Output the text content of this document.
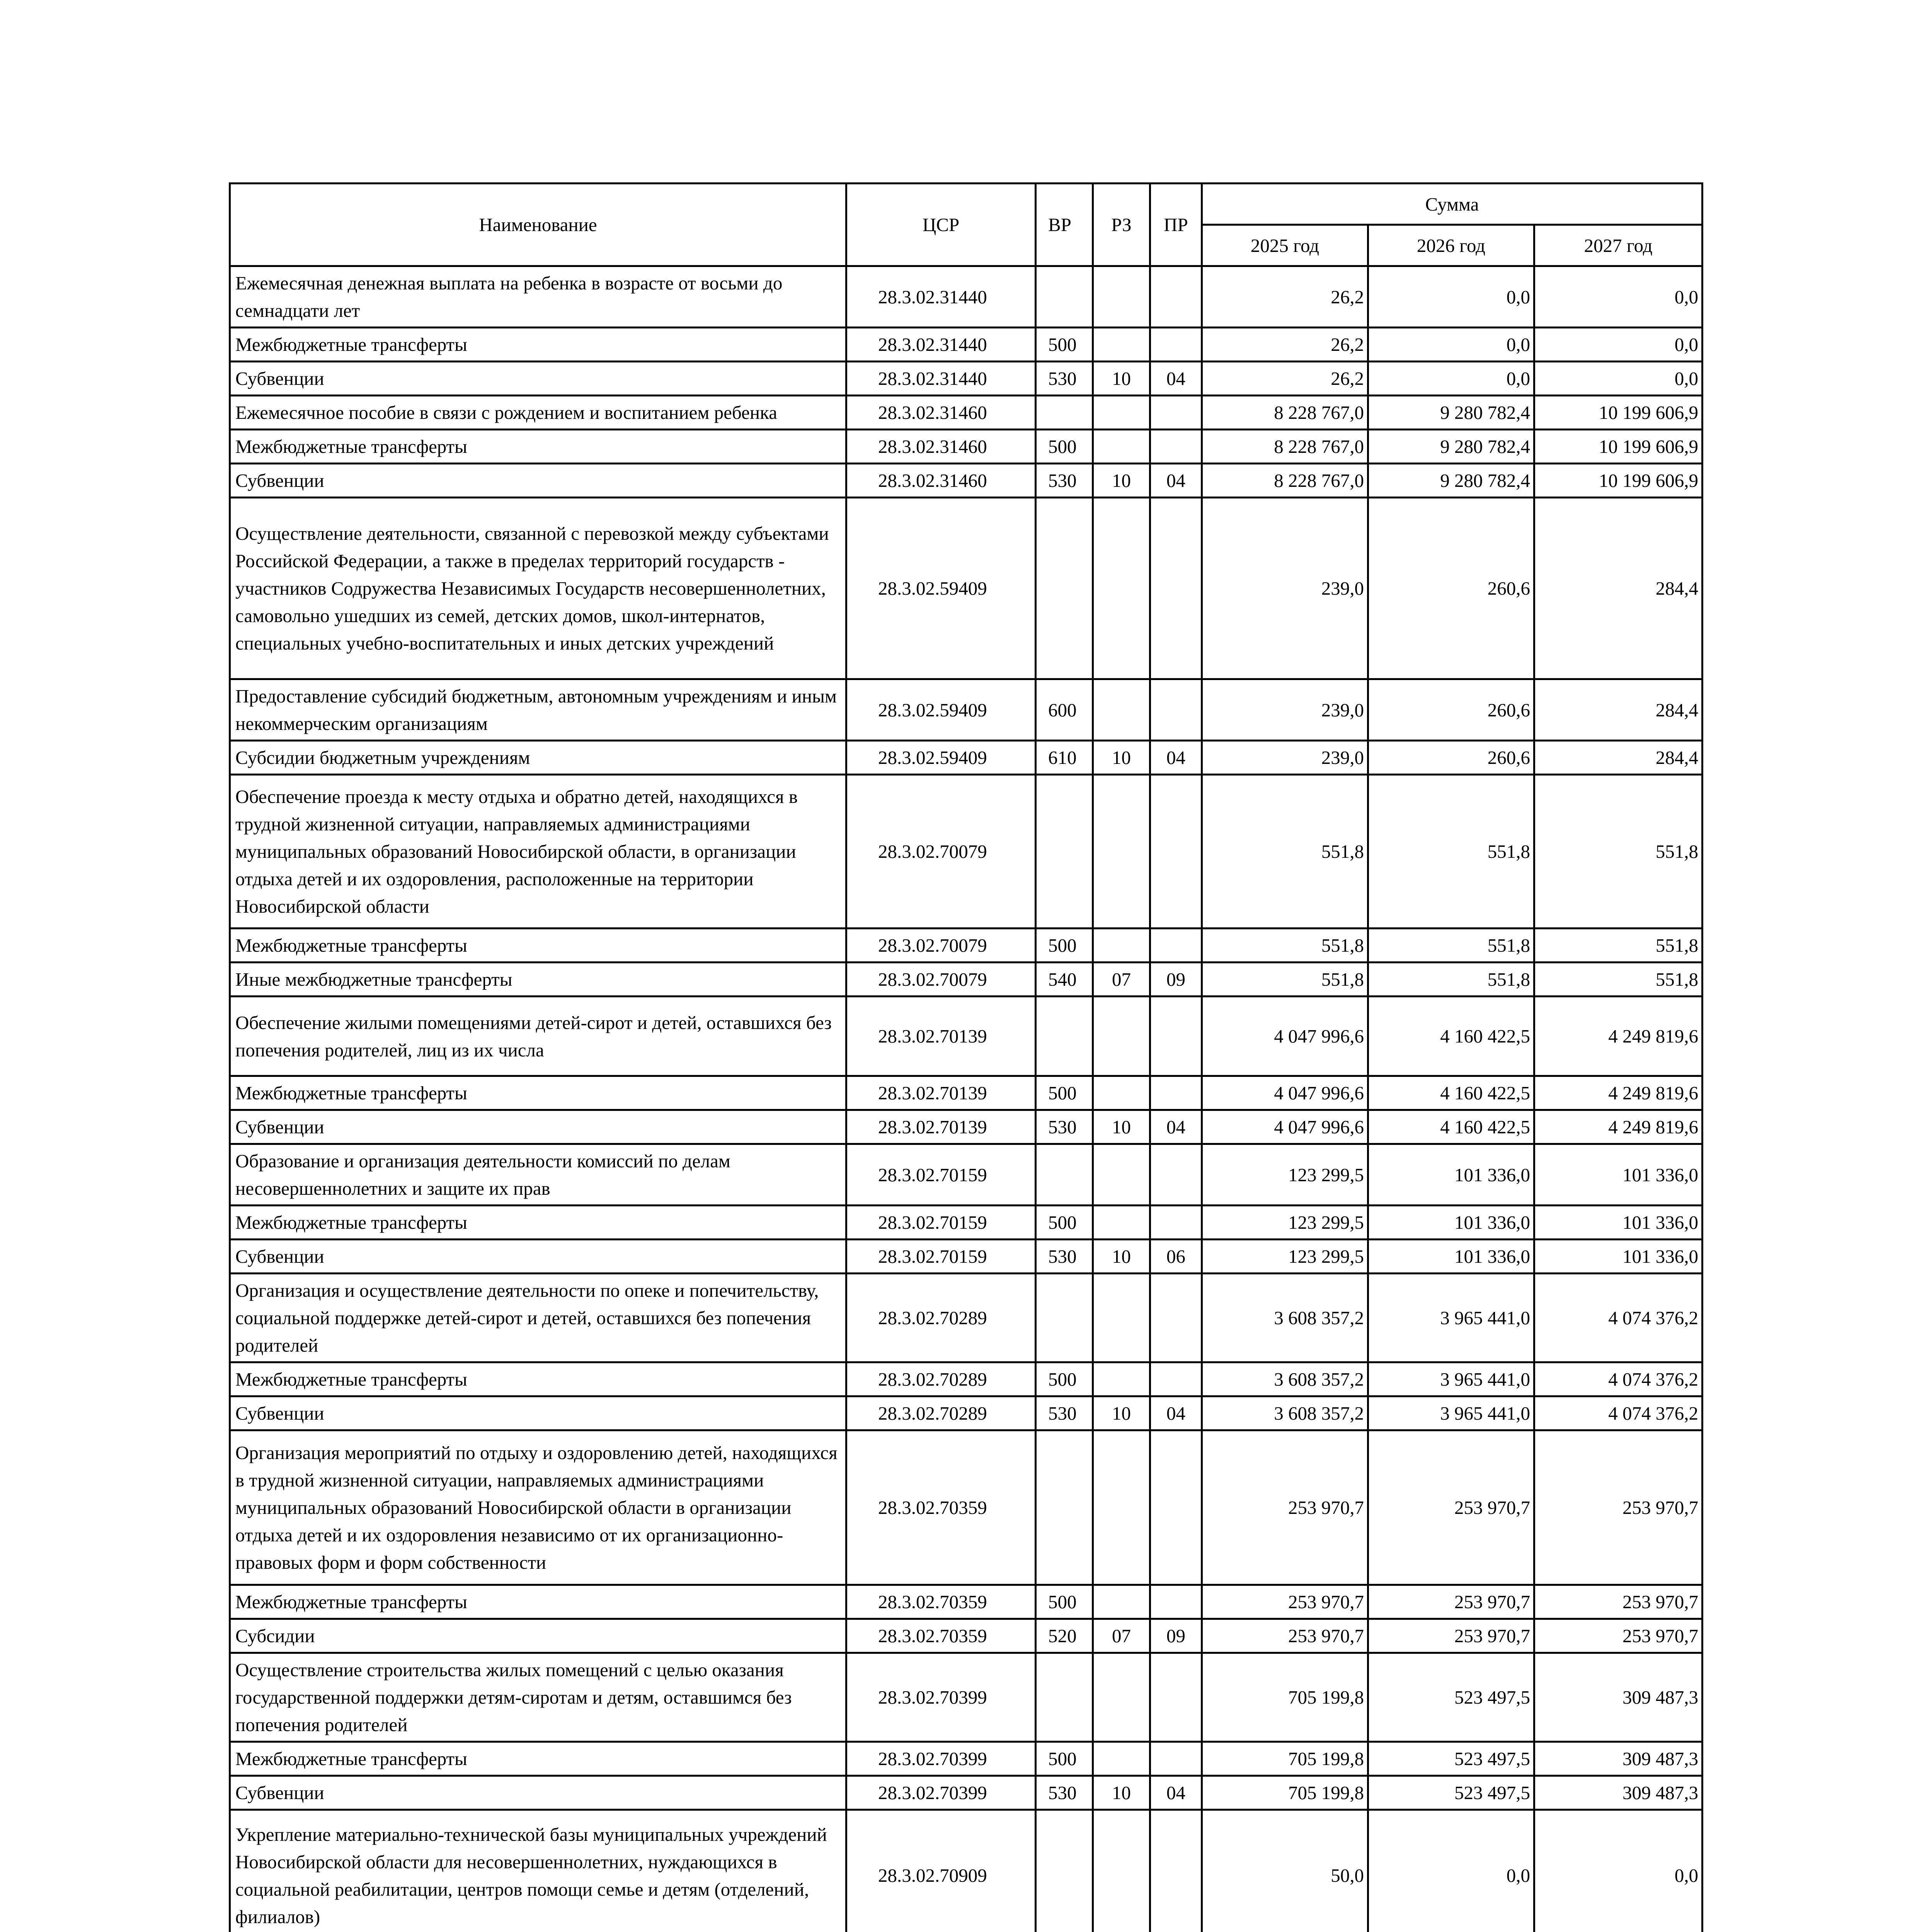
Наименование	ЦСР	ВР	РЗ	ПР	Сумма		
					2025 год	2026 год	2027 год
Ежемесячная денежная выплата на ребенка в возрасте от восьми до семнадцати лет	28.3.02.31440				26,2	0,0	0,0
Межбюджетные трансферты	28.3.02.31440	500			26,2	0,0	0,0
Субвенции	28.3.02.31440	530	10	04	26,2	0,0	0,0
Ежемесячное пособие в связи с рождением и воспитанием ребенка	28.3.02.31460				8 228 767,0	9 280 782,4	10 199 606,9
Межбюджетные трансферты	28.3.02.31460	500			8 228 767,0	9 280 782,4	10 199 606,9
Субвенции	28.3.02.31460	530	10	04	8 228 767,0	9 280 782,4	10 199 606,9
Осуществление деятельности, связанной с перевозкой между субъектами Российской Федерации, а также в пределах территорий государств - участников Содружества Независимых Государств несовершеннолетних, самовольно ушедших из семей, детских домов, школ-интернатов, специальных учебно-воспитательных и иных детских учреждений	28.3.02.59409				239,0	260,6	284,4
Предоставление субсидий бюджетным, автономным учреждениям и иным некоммерческим организациям	28.3.02.59409	600			239,0	260,6	284,4
Субсидии бюджетным учреждениям	28.3.02.59409	610	10	04	239,0	260,6	284,4
Обеспечение проезда к месту отдыха и обратно детей, находящихся в трудной жизненной ситуации, направляемых администрациями муниципальных образований Новосибирской области, в организации отдыха детей и их оздоровления, расположенные на территории Новосибирской области	28.3.02.70079				551,8	551,8	551,8
Межбюджетные трансферты	28.3.02.70079	500			551,8	551,8	551,8
Иные межбюджетные трансферты	28.3.02.70079	540	07	09	551,8	551,8	551,8
Обеспечение жилыми помещениями детей-сирот и детей, оставшихся без попечения родителей, лиц из их числа	28.3.02.70139				4 047 996,6	4 160 422,5	4 249 819,6
Межбюджетные трансферты	28.3.02.70139	500			4 047 996,6	4 160 422,5	4 249 819,6
Субвенции	28.3.02.70139	530	10	04	4 047 996,6	4 160 422,5	4 249 819,6
Образование и организация деятельности комиссий по делам несовершеннолетних и защите их прав	28.3.02.70159				123 299,5	101 336,0	101 336,0
Межбюджетные трансферты	28.3.02.70159	500			123 299,5	101 336,0	101 336,0
Субвенции	28.3.02.70159	530	10	06	123 299,5	101 336,0	101 336,0
Организация и осуществление деятельности по опеке и попечительству, социальной поддержке детей-сирот и детей, оставшихся без попечения родителей	28.3.02.70289				3 608 357,2	3 965 441,0	4 074 376,2
Межбюджетные трансферты	28.3.02.70289	500			3 608 357,2	3 965 441,0	4 074 376,2
Субвенции	28.3.02.70289	530	10	04	3 608 357,2	3 965 441,0	4 074 376,2
Организация мероприятий по отдыху и оздоровлению детей, находящихся в трудной жизненной ситуации, направляемых администрациями муниципальных образований Новосибирской области в организации отдыха детей и их оздоровления независимо от их организационно-правовых форм и форм собственности	28.3.02.70359				253 970,7	253 970,7	253 970,7
Межбюджетные трансферты	28.3.02.70359	500			253 970,7	253 970,7	253 970,7
Субсидии	28.3.02.70359	520	07	09	253 970,7	253 970,7	253 970,7
Осуществление строительства жилых помещений с целью оказания государственной поддержки детям-сиротам и детям, оставшимся без попечения родителей	28.3.02.70399				705 199,8	523 497,5	309 487,3
Межбюджетные трансферты	28.3.02.70399	500			705 199,8	523 497,5	309 487,3
Субвенции	28.3.02.70399	530	10	04	705 199,8	523 497,5	309 487,3
Укрепление материально-технической базы муниципальных учреждений Новосибирской области для несовершеннолетних, нуждающихся в социальной реабилитации, центров помощи семье и детям (отделений, филиалов)	28.3.02.70909				50,0	0,0	0,0
